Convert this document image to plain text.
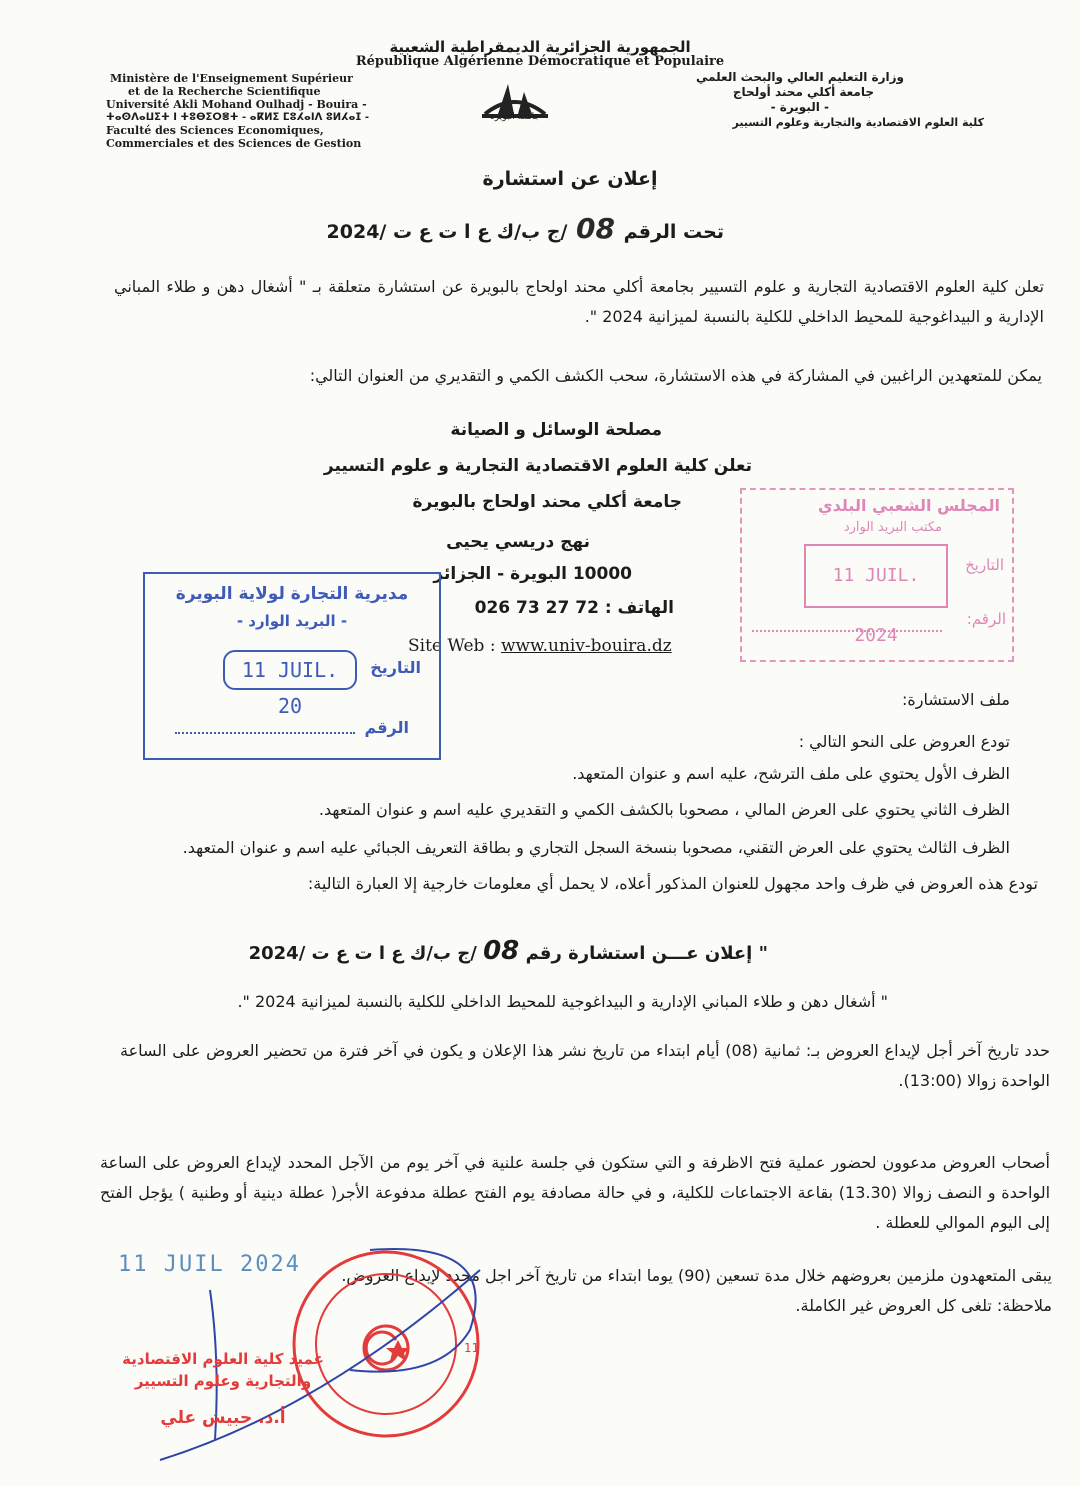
الجمهورية الجزائرية الديمقراطية الشعبية
République Algérienne Démocratique et Populaire
Ministère de l'Enseignement Supérieur
et de la Recherche Scientifique
Université Akli Mohand Oulhadj - Bouira -
ⵜⴰⵙⴷⴰⵡⵉⵜ ⵏ ⵜⵓⴱⵉⵔⴻⵜ - ⴰⴽⵍⵉ ⵎⵓⵃⴰⵏⴷ ⵓⵍⵃⴰⵊ -
Faculté des Sciences Economiques,
Commerciales et des Sciences de Gestion
جامعة البويرة
وزارة التعليم العالي والبحث العلمي
جامعة أكلي محند أولحاج
- البويرة -
كلية العلوم الاقتصادية والتجارية وعلوم التسيير
إعلان عن استشارة
تحت الرقم 08 /ج ب/ك ع ا ت ع ت /2024
تعلن كلية العلوم الاقتصادية التجارية و علوم التسيير بجامعة أكلي محند اولحاج بالبويرة عن استشارة متعلقة بـ " أشغال دهن و طلاء المباني الإدارية و البيداغوجية للمحيط الداخلي للكلية بالنسبة لميزانية 2024 ".
يمكن للمتعهدين الراغبين في المشاركة في هذه الاستشارة، سحب الكشف الكمي و التقديري من العنوان التالي:
مصلحة الوسائل و الصيانة
تعلن كلية العلوم الاقتصادية التجارية و علوم التسيير
جامعة أكلي محند اولحاج بالبويرة
نهج دريسي يحيى
10000 البويرة - الجزائر
الهاتف : 72 27 73 026
Site Web : www.univ-bouira.dz
مديرية التجارة لولاية البويرة
- البريد الوارد -
11 JUIL. 20
التاريخ
الرقم
المجلس الشعبي البلدي
مكتب البريد الوارد
11 JUIL. 2024
التاريخ
الرقم:
ملف الاستشارة:
تودع العروض على النحو التالي :
الظرف الأول يحتوي على ملف الترشح، عليه اسم و عنوان المتعهد.
الظرف الثاني يحتوي على العرض المالي ، مصحوبا بالكشف الكمي و التقديري عليه اسم و عنوان المتعهد.
الظرف الثالث يحتوي على العرض التقني، مصحوبا بنسخة السجل التجاري و بطاقة التعريف الجبائي عليه اسم و عنوان المتعهد.
تودع هذه العروض في ظرف واحد مجهول للعنوان المذكور أعلاه، لا يحمل أي معلومات خارجية إلا العبارة التالية:
" إعلان عـــن استشارة رقم 08 /ج ب/ك ع ا ت ع ت /2024
" أشغال دهن و طلاء المباني الإدارية و البيداغوجية للمحيط الداخلي للكلية بالنسبة لميزانية 2024 ".
حدد تاريخ آخر أجل لإيداع العروض بـ: ثمانية (08) أيام ابتداء من تاريخ نشر هذا الإعلان و يكون في آخر فترة من تحضير العروض على الساعة الواحدة زوالا (13:00).
أصحاب العروض مدعوون لحضور عملية فتح الاظرفة و التي ستكون في جلسة علنية في آخر يوم من الآجل المحدد لإيداع العروض على الساعة الواحدة و النصف زوالا (13.30) بقاعة الاجتماعات للكلية، و في حالة مصادفة يوم الفتح عطلة مدفوعة الأجر( عطلة دينية أو وطنية ) يؤجل الفتح إلى اليوم الموالي للعطلة .
يبقى المتعهدون ملزمين بعروضهم خلال مدة تسعين (90) يوما ابتداء من تاريخ آخر اجل محدد لإيداع العروض.
ملاحظة: تلغى كل العروض غير الكاملة.
11 JUIL 2024
11
عميد كلية العلوم الاقتصادية
والتجارية وعلوم التسيير
أ.د. حبيش علي
